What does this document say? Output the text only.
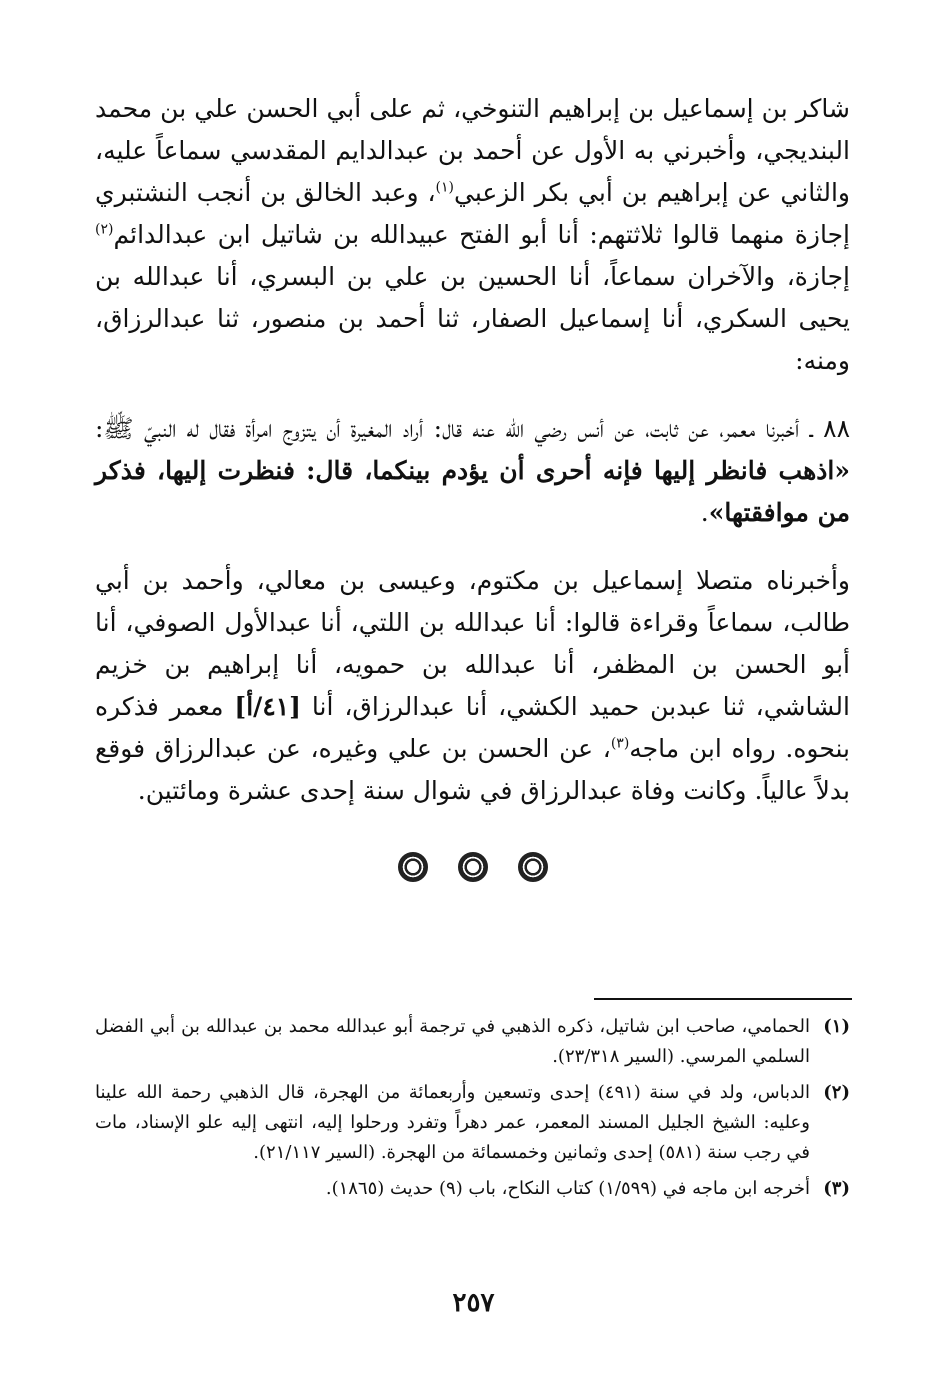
شاكر بن إسماعيل بن إبراهيم التنوخي، ثم على أبي الحسن علي بن محمد البنديجي، وأخبرني به الأول عن أحمد بن عبدالدايم المقدسي سماعاً عليه، والثاني عن إبراهيم بن أبي بكر الزعبي$^{(١)}$، وعبد الخالق بن أنجب النشتبري إجازة منهما قالوا ثلاثتهم: أنا أبو الفتح عبيدالله بن شاتيل ابن عبدالدائم$^{(٢)}$ إجازة، والآخران سماعاً، أنا الحسين بن علي بن البسري، أنا عبدالله بن يحيى السكري، أنا إسماعيل الصفار، ثنا أحمد بن منصور، ثنا عبدالرزاق، ومنه:

٨٨ ـ أخبرنا معمر، عن ثابت، عن أنس رضي الله عنه قال: أراد المغيرة أن يتزوج امرأة فقال له النبيّ ﷺ: «اذهب فانظر إليها فإنه أحرى أن يؤدم بينكما، قال: فنظرت إليها، فذكر من موافقتها».

وأخبرناه متصلا إسماعيل بن مكتوم، وعيسى بن معالي، وأحمد بن أبي طالب، سماعاً وقراءة قالوا: أنا عبدالله بن اللتي، أنا عبدالأول الصوفي، أنا أبو الحسن بن المظفر، أنا عبدالله بن حمويه، أنا إبراهيم بن خزيم الشاشي، ثنا عبدبن حميد الكشي، أنا عبدالرزاق، أنا [٤١/أ] معمر فذكره بنحوه. رواه ابن ماجه$^{(٣)}$، عن الحسن بن علي وغيره، عن عبدالرزاق فوقع بدلاً عالياً. وكانت وفاة عبدالرزاق في شوال سنة إحدى عشرة ومائتين.

(١)
الحمامي، صاحب ابن شاتيل، ذكره الذهبي في ترجمة أبو عبدالله محمد بن عبدالله بن أبي الفضل السلمي المرسي. (السير ٢٣/٣١٨).
(٢)
الدباس، ولد في سنة (٤٩١) إحدى وتسعين وأربعمائة من الهجرة، قال الذهبي رحمة الله علينا وعليه: الشيخ الجليل المسند المعمر، عمر دهراً وتفرد ورحلوا إليه، انتهى إليه علو الإسناد، مات في رجب سنة (٥٨١) إحدى وثمانين وخمسمائة من الهجرة. (السير ٢١/١١٧).
(٣)
أخرجه ابن ماجه في (١/٥٩٩) كتاب النكاح، باب (٩) حديث (١٨٦٥).
٢٥٧
